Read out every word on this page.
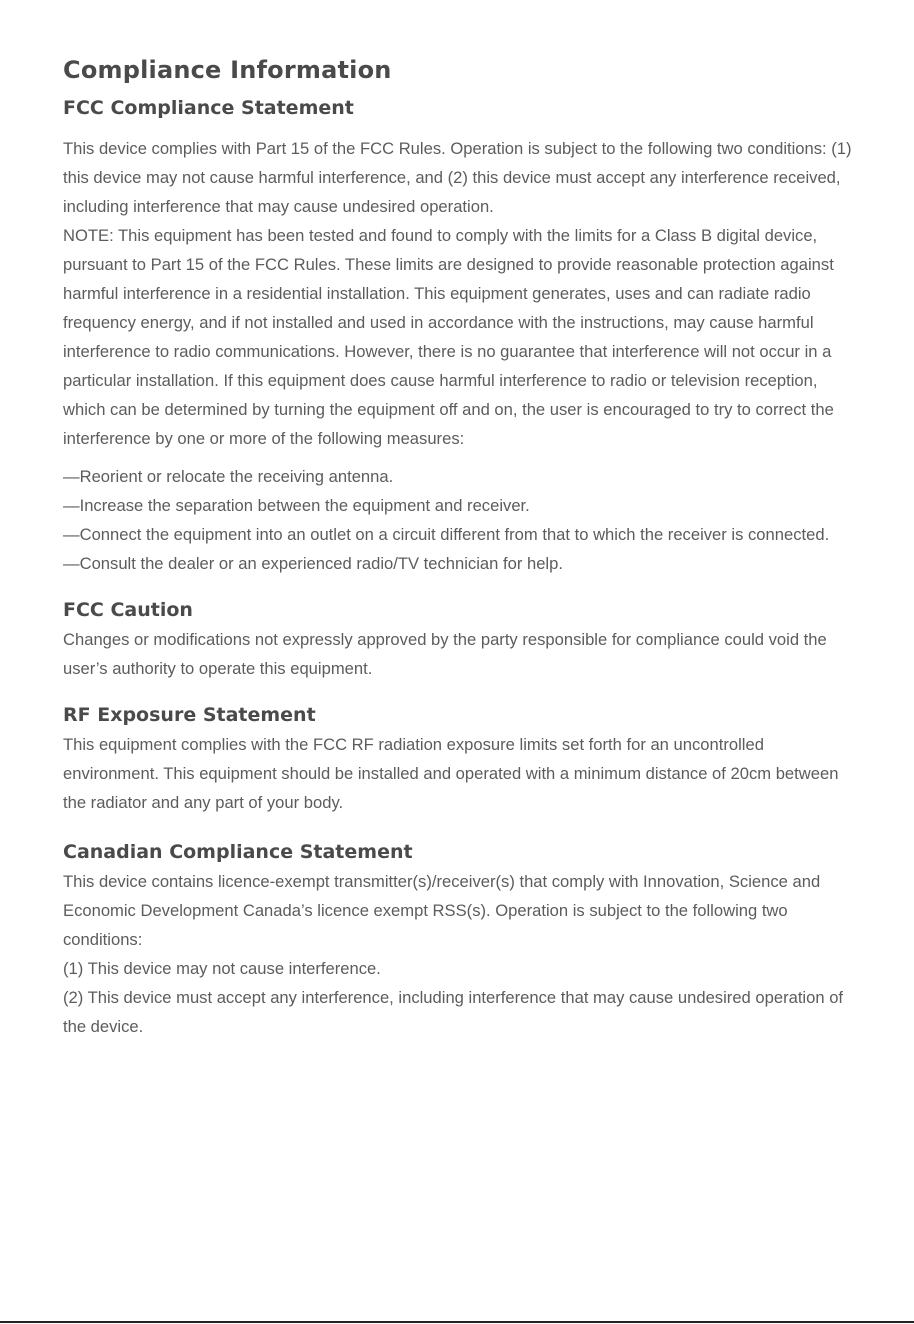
Compliance Information
FCC Compliance Statement

This device complies with Part 15 of the FCC Rules. Operation is subject to the following two conditions: (1) this device may not cause harmful interference, and (2) this device must accept any interference received, including interference that may cause undesired operation.

NOTE: This equipment has been tested and found to comply with the limits for a Class B digital device, pursuant to Part 15 of the FCC Rules. These limits are designed to provide reasonable protection against harmful interference in a residential installation. This equipment generates, uses and can radiate radio frequency energy, and if not installed and used in accordance with the instructions, may cause harmful interference to radio communications. However, there is no guarantee that interference will not occur in a particular installation. If this equipment does cause harmful interference to radio or television reception, which can be determined by turning the equipment off and on, the user is encouraged to try to correct the interference by one or more of the following measures:

—Reorient or relocate the receiving antenna.

—Increase the separation between the equipment and receiver.

—Connect the equipment into an outlet on a circuit different from that to which the receiver is connected.

—Consult the dealer or an experienced radio/TV technician for help.

FCC Caution

Changes or modifications not expressly approved by the party responsible for compliance could void the user’s authority to operate this equipment.

RF Exposure Statement

This equipment complies with the FCC RF radiation exposure limits set forth for an uncontrolled environment. This equipment should be installed and operated with a minimum distance of 20cm between the radiator and any part of your body.

Canadian Compliance Statement

This device contains licence-exempt transmitter(s)/receiver(s) that comply with Innovation, Science and Economic Development Canada’s licence exempt RSS(s). Operation is subject to the following two conditions:

(1) This device may not cause interference.

(2) This device must accept any interference, including interference that may cause undesired operation of the device.
